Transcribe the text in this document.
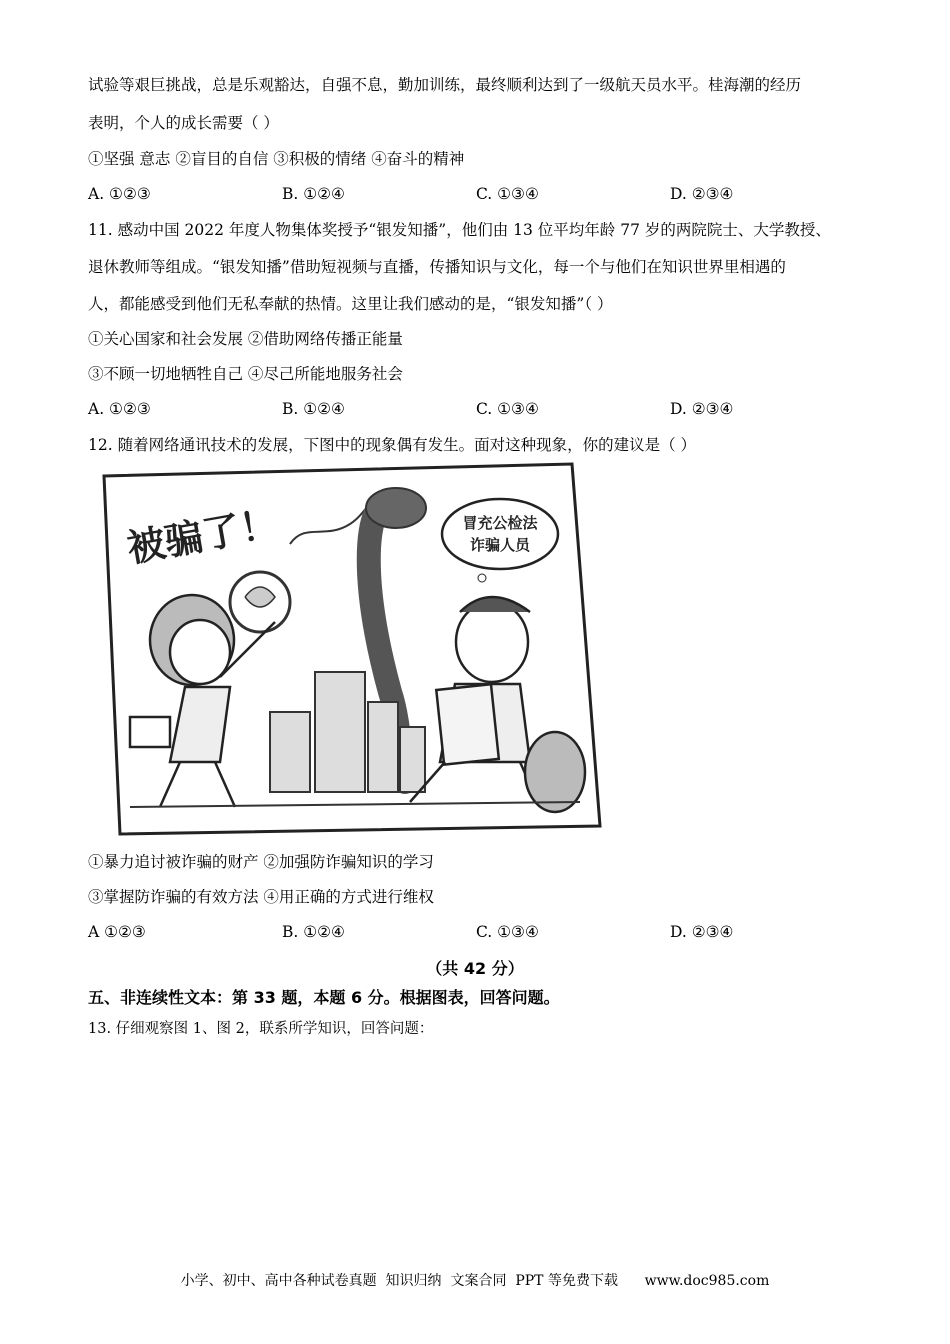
试验等艰巨挑战，总是乐观豁达，自强不息，勤加训练，最终顺利达到了一级航天员水平。桂海潮的经历
表明，个人的成长需要（ ）
①坚强 意志 ②盲目的自信 ③积极的情绪 ④奋斗的精神
A. ①②③	B. ①②④	C. ①③④	D. ②③④
11. 感动中国 2022 年度人物集体奖授予“银发知播”，他们由 13 位平均年龄 77 岁的两院院士、大学教授、
退休教师等组成。“银发知播”借助短视频与直播，传播知识与文化，每一个与他们在知识世界里相遇的
人，都能感受到他们无私奉献的热情。这里让我们感动的是，“银发知播”（ ）
①关心国家和社会发展 ②借助网络传播正能量
③不顾一切地牺牲自己 ④尽己所能地服务社会
A. ①②③	B. ①②④	C. ①③④	D. ②③④
12. 随着网络通讯技术的发展，下图中的现象偶有发生。面对这种现象，你的建议是（ ）
被骗了！	冒充公检法
诈骗人员
①暴力追讨被诈骗的财产 ②加强防诈骗知识的学习
③掌握防诈骗的有效方法 ④用正确的方式进行维权
A ①②③	B. ①②④	C. ①③④	D. ②③④
（共 42 分）
五、非连续性文本：第 33 题，本题 6 分。根据图表，回答问题。
13. 仔细观察图 1、图 2，联系所学知识，回答问题：
小学、初中、高中各种试卷真题  知识归纳  文案合同  PPT 等免费下载      www.doc985.com
